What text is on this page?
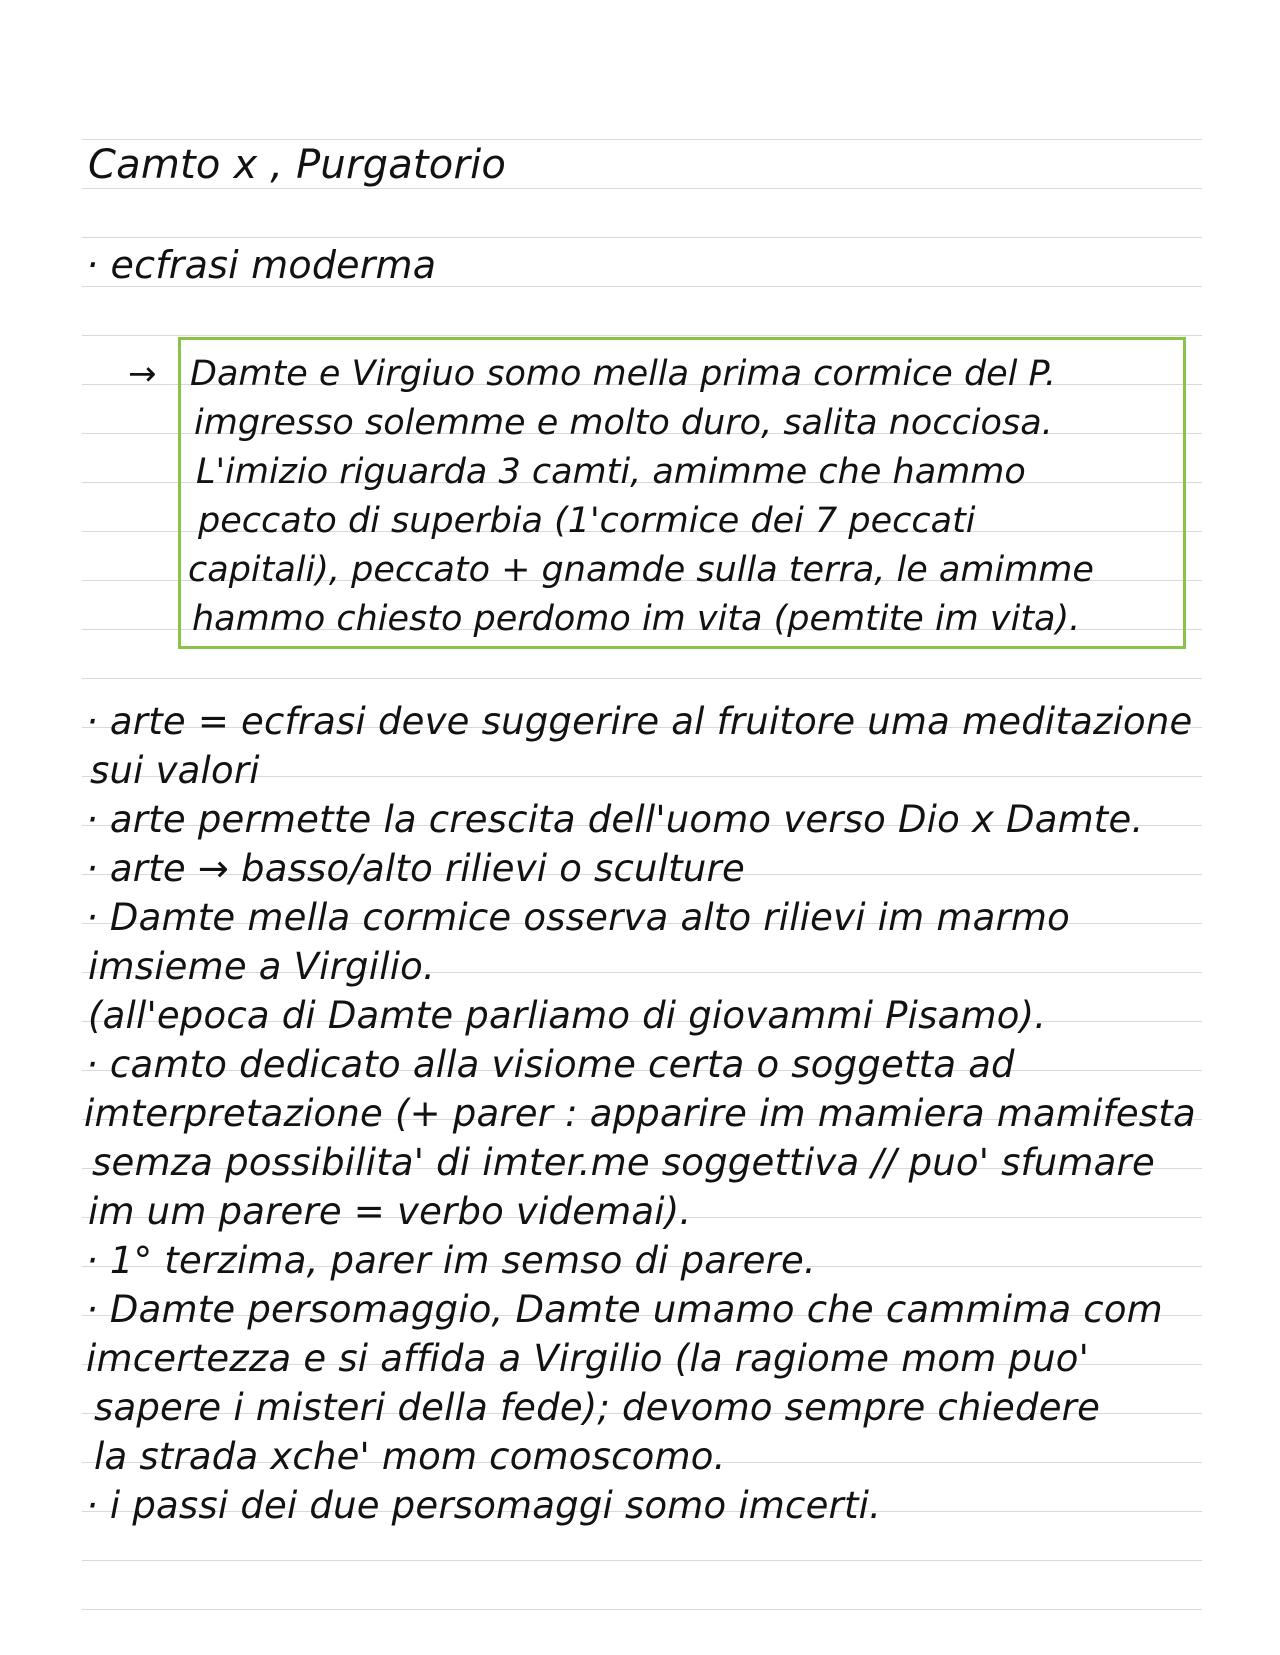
Camto x , Purgatorio
· ecfrasi moderma
→ Damte e Virgiuo somo mella prima cormice del P.
imgresso solemme e molto duro, salita nocciosa.
L'imizio riguarda 3 camti, amimme che hammo
peccato di superbia (1'cormice dei 7 peccati
capitali), peccato + gnamde sulla terra, le amimme
hammo chiesto perdomo im vita (pemtite im vita).
· arte = ecfrasi deve suggerire al fruitore uma meditazione
sui valori
· arte permette la crescita dell'uomo verso Dio x Damte.
· arte → basso/alto rilievi o sculture
· Damte mella cormice osserva alto rilievi im marmo
imsieme a Virgilio.
(all'epoca di Damte parliamo di giovammi Pisamo).
· camto dedicato alla visiome certa o soggetta ad
imterpretazione (+ parer : apparire im mamiera mamifesta
semza possibilita' di imter.me soggettiva // puo' sfumare
im um parere = verbo videmai).
· 1° terzima, parer im semso di parere.
· Damte persomaggio, Damte umamo che cammima com
imcertezza e si affida a Virgilio (la ragiome mom puo'
sapere i misteri della fede); devomo sempre chiedere
la strada xche' mom comoscomo.
· i passi dei due persomaggi somo imcerti.
